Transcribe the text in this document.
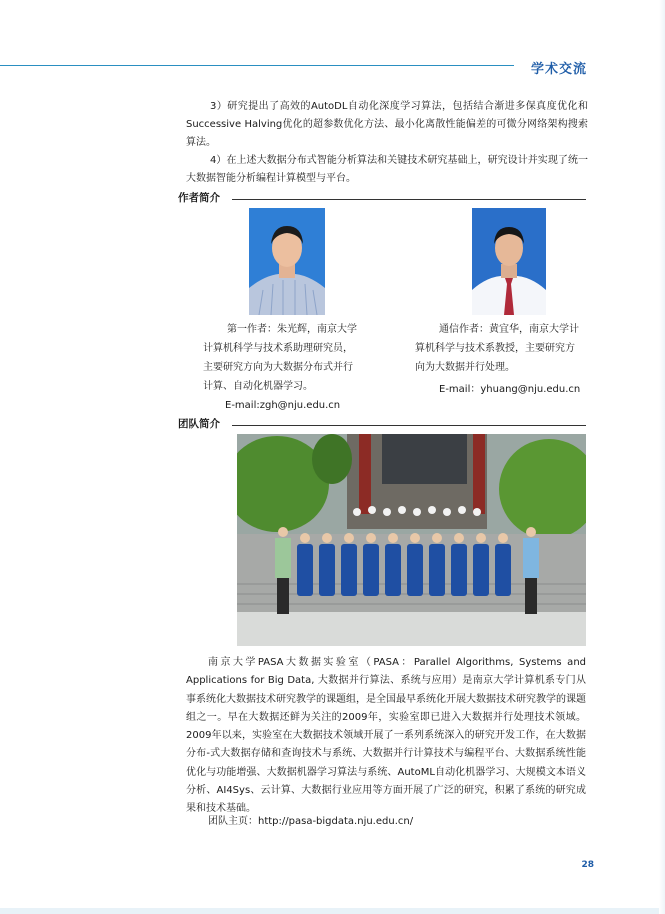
学术交流
3）研究提出了高效的AutoDL自动化深度学习算法，包括结合渐进多保真度优化和Successive Halving优化的超参数优化方法、最小化离散性能偏差的可微分网络架构搜索算法。
4）在上述大数据分布式智能分析算法和关键技术研究基础上，研究设计并实现了统一大数据智能分析编程计算模型与平台。
作者简介
第一作者：朱光辉，南京大学
计算机科学与技术系助理研究员，
主要研究方向为大数据分布式并行
计算、自动化机器学习。
E-mail:zgh@nju.edu.cn
通信作者：黄宜华，南京大学计
算机科学与技术系教授，主要研究方
向为大数据并行处理。
E-mail：yhuang@nju.edu.cn
团队简介
南京大学PASA大数据实验室（PASA：Parallel Algorithms, Systems and Applications for Big Data, 大数据并行算法、系统与应用）是南京大学计算机系专门从事系统化大数据技术研究教学的课题组，是全国最早系统化开展大数据技术研究教学的课题组之一。早在大数据还鲜为关注的2009年，实验室即已进入大数据并行处理技术领域。2009年以来，实验室在大数据技术领域开展了一系列系统深入的研究开发工作，在大数据分布-式大数据存储和查询技术与系统、大数据并行计算技术与编程平台、大数据系统性能优化与功能增强、大数据机器学习算法与系统、AutoML自动化机器学习、大规模文本语义分析、AI4Sys、云计算、大数据行业应用等方面开展了广泛的研究，积累了系统的研究成果和技术基础。
团队主页：http://pasa-bigdata.nju.edu.cn/
28
